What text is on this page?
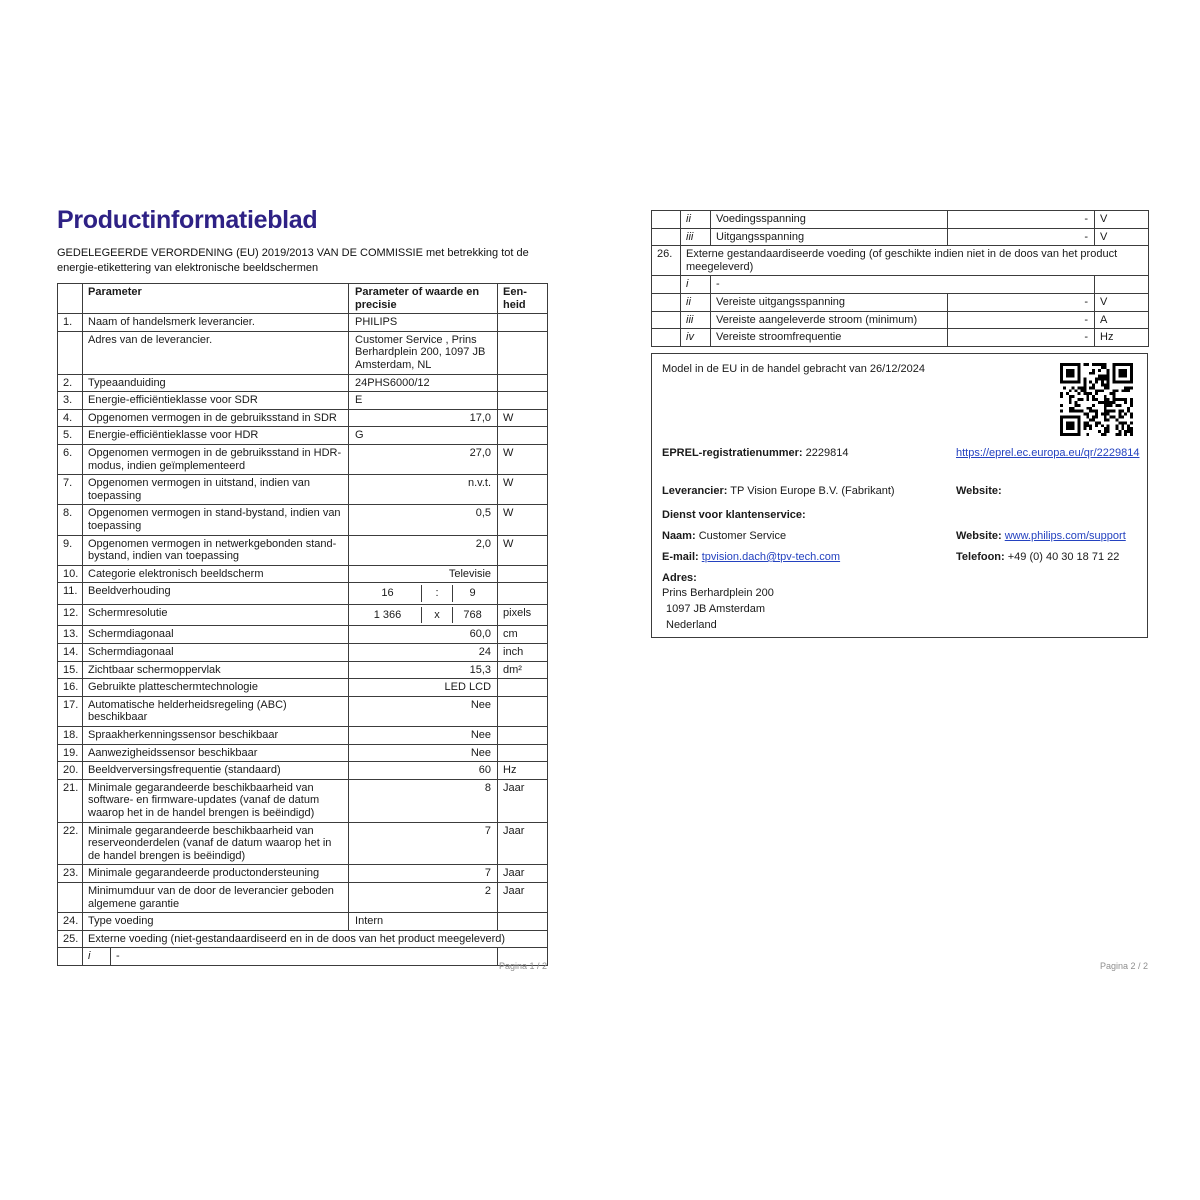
Productinformatieblad
GEDELEGEERDE VERORDENING (EU) 2019/2013 VAN DE COMMISSIE met betrekking tot de energie-etikettering van elektronische beeldschermen
	Parameter		Parameter of waarde en precisie	Een-heid
1.	Naam of handelsmerk leverancier.		PHILIPS	
	Adres van de leverancier.		Customer Service , Prins Berhardplein 200, 1097 JB Amsterdam, NL	
2.	Typeaanduiding		24PHS6000/12	
3.	Energie-efficiëntieklasse voor SDR		E	
4.	Opgenomen vermogen in de gebruiksstand in SDR		17,0	W
5.	Energie-efficiëntieklasse voor HDR		G	
6.	Opgenomen vermogen in de gebruiksstand in HDR-modus, indien geïmplementeerd		27,0	W
7.	Opgenomen vermogen in uitstand, indien van toepassing		n.v.t.	W
8.	Opgenomen vermogen in stand-bystand, indien van toepassing		0,5	W
9.	Opgenomen vermogen in netwerkgebonden stand-bystand, indien van toepassing		2,0	W
10.	Categorie elektronisch beeldscherm		Televisie	
11.	Beeldverhouding		16 : 9	

12.	Schermresolutie		1 366 x 768	pixels
13.	Schermdiagonaal		60,0	cm
14.	Schermdiagonaal		24	inch
15.	Zichtbaar schermoppervlak		15,3	dm²
16.	Gebruikte platteschermtechnologie		LED LCD	
17.	Automatische helderheidsregeling (ABC) beschikbaar		Nee	
18.	Spraakherkenningssensor beschikbaar		Nee	
19.	Aanwezigheidssensor beschikbaar		Nee	
20.	Beeldverversingsfrequentie (standaard)		60	Hz
21.	Minimale gegarandeerde beschikbaarheid van software- en firmware-updates (vanaf de datum waarop het in de handel brengen is beëindigd)		8	Jaar
22.	Minimale gegarandeerde beschikbaarheid van reserveonderdelen (vanaf de datum waarop het in de handel brengen is beëindigd)		7	Jaar
23.	Minimale gegarandeerde productondersteuning		7	Jaar
	Minimumduur van de door de leverancier geboden algemene garantie		2	Jaar
24.	Type voeding		Intern	
25.	Externe voeding (niet-gestandaardiseerd en in de doos van het product meegeleverd)			
	i	-		
Pagina 1 / 2
	ii	Voedingsspanning	-	V
	iii	Uitgangsspanning	-	V
26.	Externe gestandaardiseerde voeding (of geschikte indien niet in de doos van het product meegeleverd)			
	i	-		
	ii	Vereiste uitgangsspanning	-	V
	iii	Vereiste aangeleverde stroom (minimum)	-	A
	iv	Vereiste stroomfrequentie	-	Hz
Model in de EU in de handel gebracht van 26/12/2024
EPREL-registratienummer: 2229814	https://eprel.ec.europa.eu/qr/2229814
Leverancier: TP Vision Europe B.V. (Fabrikant)	Website:
Dienst voor klantenservice:
Naam: Customer Service	Website: www.philips.com/support
E-mail: tpvision.dach@tpv-tech.com	Telefoon: +49 (0) 40 30 18 71 22
Adres:
Prins Berhardplein 200
1097 JB Amsterdam
Nederland
Pagina 2 / 2
